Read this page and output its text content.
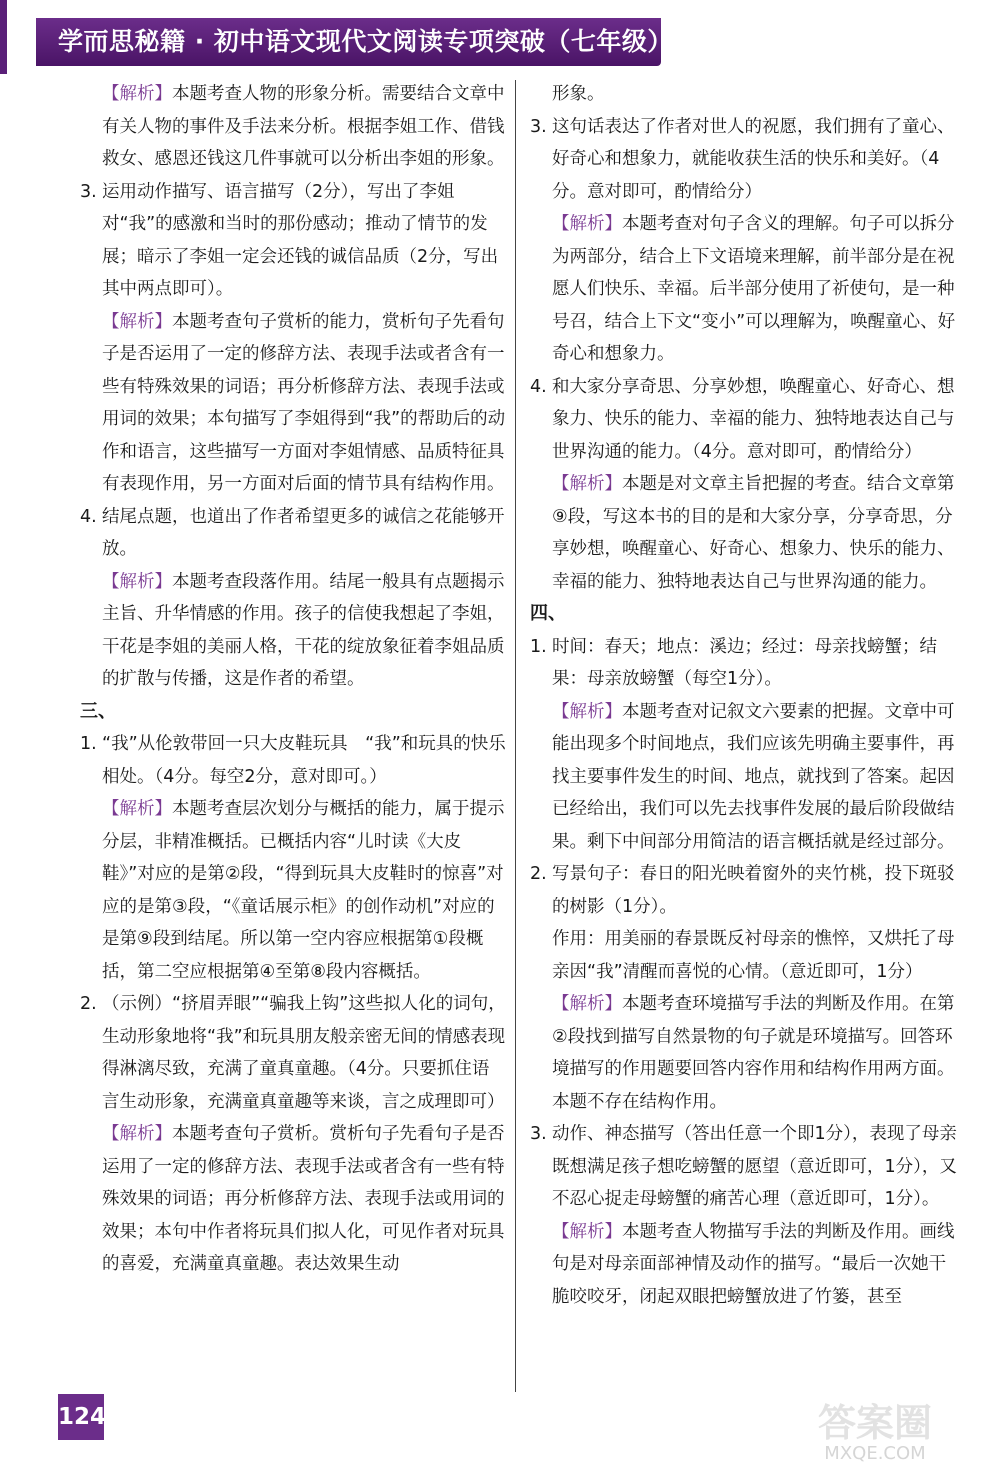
学而思秘籍 · 初中语文现代文阅读专项突破（七年级）
【解析】本题考查人物的形象分析。需要结合文章中有关人物的事件及手法来分析。根据李姐工作、借钱救女、感恩还钱这几件事就可以分析出李姐的形象。
3. 运用动作描写、语言描写（2分），写出了李姐对“我”的感激和当时的那份感动；推动了情节的发展；暗示了李姐一定会还钱的诚信品质（2分，写出其中两点即可）。
【解析】本题考查句子赏析的能力，赏析句子先看句子是否运用了一定的修辞方法、表现手法或者含有一些有特殊效果的词语；再分析修辞方法、表现手法或用词的效果；本句描写了李姐得到“我”的帮助后的动作和语言，这些描写一方面对李姐情感、品质特征具有表现作用，另一方面对后面的情节具有结构作用。
4. 结尾点题，也道出了作者希望更多的诚信之花能够开放。
【解析】本题考查段落作用。结尾一般具有点题揭示主旨、升华情感的作用。孩子的信使我想起了李姐，干花是李姐的美丽人格，干花的绽放象征着李姐品质的扩散与传播，这是作者的希望。
三、
1. “我”从伦敦带回一只大皮鞋玩具　“我”和玩具的快乐相处。（4分。每空2分，意对即可。）
【解析】本题考查层次划分与概括的能力，属于提示分层，非精准概括。已概括内容“儿时读《大皮鞋》”对应的是第②段，“得到玩具大皮鞋时的惊喜”对应的是第③段，“《童话展示柜》的创作动机”对应的是第⑨段到结尾。所以第一空内容应根据第①段概括，第二空应根据第④至第⑧段内容概括。
2. （示例）“挤眉弄眼”“骗我上钩”这些拟人化的词句，生动形象地将“我”和玩具朋友般亲密无间的情感表现得淋漓尽致，充满了童真童趣。（4分。只要抓住语言生动形象，充满童真童趣等来谈，言之成理即可）
【解析】本题考查句子赏析。赏析句子先看句子是否运用了一定的修辞方法、表现手法或者含有一些有特殊效果的词语；再分析修辞方法、表现手法或用词的效果；本句中作者将玩具们拟人化，可见作者对玩具的喜爱，充满童真童趣。表达效果生动
形象。
3. 这句话表达了作者对世人的祝愿，我们拥有了童心、好奇心和想象力，就能收获生活的快乐和美好。（4分。意对即可，酌情给分）
【解析】本题考查对句子含义的理解。句子可以拆分为两部分，结合上下文语境来理解，前半部分是在祝愿人们快乐、幸福。后半部分使用了祈使句，是一种号召，结合上下文“变小”可以理解为，唤醒童心、好奇心和想象力。
4. 和大家分享奇思、分享妙想，唤醒童心、好奇心、想象力、快乐的能力、幸福的能力、独特地表达自己与世界沟通的能力。（4分。意对即可，酌情给分）
【解析】本题是对文章主旨把握的考查。结合文章第⑨段，写这本书的目的是和大家分享，分享奇思，分享妙想，唤醒童心、好奇心、想象力、快乐的能力、幸福的能力、独特地表达自己与世界沟通的能力。
四、
1. 时间：春天；地点：溪边；经过：母亲找螃蟹；结果：母亲放螃蟹（每空1分）。
【解析】本题考查对记叙文六要素的把握。文章中可能出现多个时间地点，我们应该先明确主要事件，再找主要事件发生的时间、地点，就找到了答案。起因已经给出，我们可以先去找事件发展的最后阶段做结果。剩下中间部分用简洁的语言概括就是经过部分。
2. 写景句子：春日的阳光映着窗外的夹竹桃，投下斑驳的树影（1分）。
作用：用美丽的春景既反衬母亲的憔悴，又烘托了母亲因“我”清醒而喜悦的心情。（意近即可，1分）
【解析】本题考查环境描写手法的判断及作用。在第②段找到描写自然景物的句子就是环境描写。回答环境描写的作用题要回答内容作用和结构作用两方面。本题不存在结构作用。
3. 动作、神态描写（答出任意一个即1分），表现了母亲既想满足孩子想吃螃蟹的愿望（意近即可，1分），又不忍心捉走母螃蟹的痛苦心理（意近即可，1分）。
【解析】本题考查人物描写手法的判断及作用。画线句是对母亲面部神情及动作的描写。“最后一次她干脆咬咬牙，闭起双眼把螃蟹放进了竹篓，甚至
124	答案圈
MXQE.COM
